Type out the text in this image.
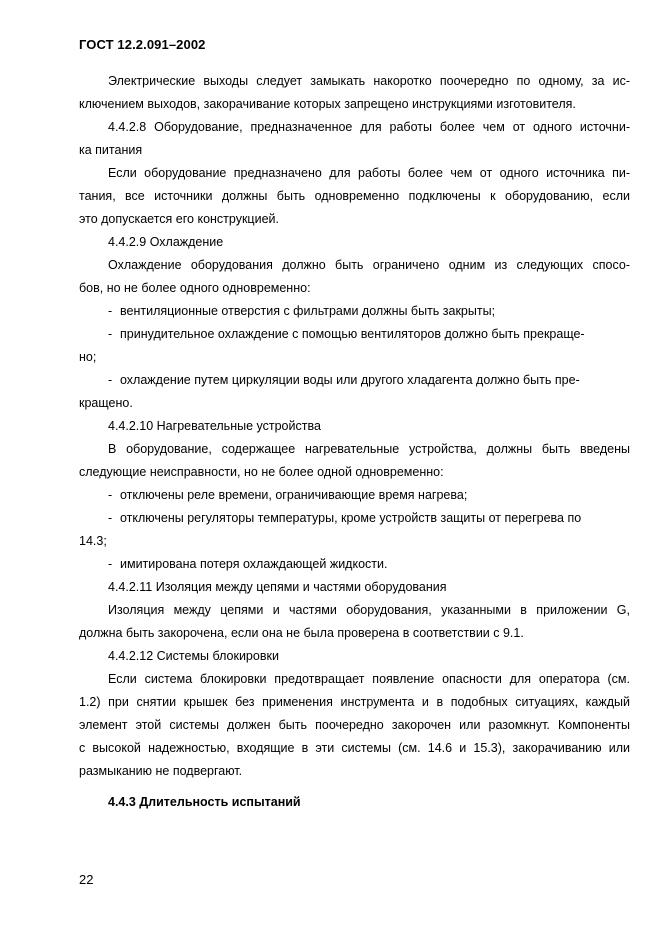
ГОСТ 12.2.091–2002
Электрические выходы следует замыкать накоротко поочередно по одному, за ис-
ключением выходов, закорачивание которых запрещено инструкциями изготовителя.
4.4.2.8 Оборудование, предназначенное для работы более чем от одного источни-
ка питания
Если оборудование предназначено для работы более чем от одного источника пи-
тания, все источники должны быть одновременно подключены к оборудованию, если
это допускается его конструкцией.
4.4.2.9 Охлаждение
Охлаждение оборудования должно быть ограничено одним из следующих спосо-
бов, но не более одного одновременно:
- вентиляционные отверстия с фильтрами должны быть закрыты;
- принудительное охлаждение с помощью вентиляторов должно быть прекраще-
но;
- охлаждение путем циркуляции воды или другого хладагента должно быть пре-
кращено.
4.4.2.10 Нагревательные устройства
В оборудование, содержащее нагревательные устройства, должны быть введены
следующие неисправности, но не более одной одновременно:
- отключены реле времени, ограничивающие время нагрева;
- отключены регуляторы температуры, кроме устройств защиты от перегрева по
14.3;
- имитирована потеря охлаждающей жидкости.
4.4.2.11 Изоляция между цепями и частями оборудования
Изоляция между цепями и частями оборудования, указанными в приложении G,
должна быть закорочена, если она не была проверена в соответствии с 9.1.
4.4.2.12 Системы блокировки
Если система блокировки предотвращает появление опасности для оператора (см.
1.2) при снятии крышек без применения инструмента и в подобных ситуациях, каждый
элемент этой системы должен быть поочередно закорочен или разомкнут. Компоненты
с высокой надежностью, входящие в эти системы (см. 14.6 и 15.3), закорачиванию или
размыканию не подвергают.
4.4.3 Длительность испытаний
22
